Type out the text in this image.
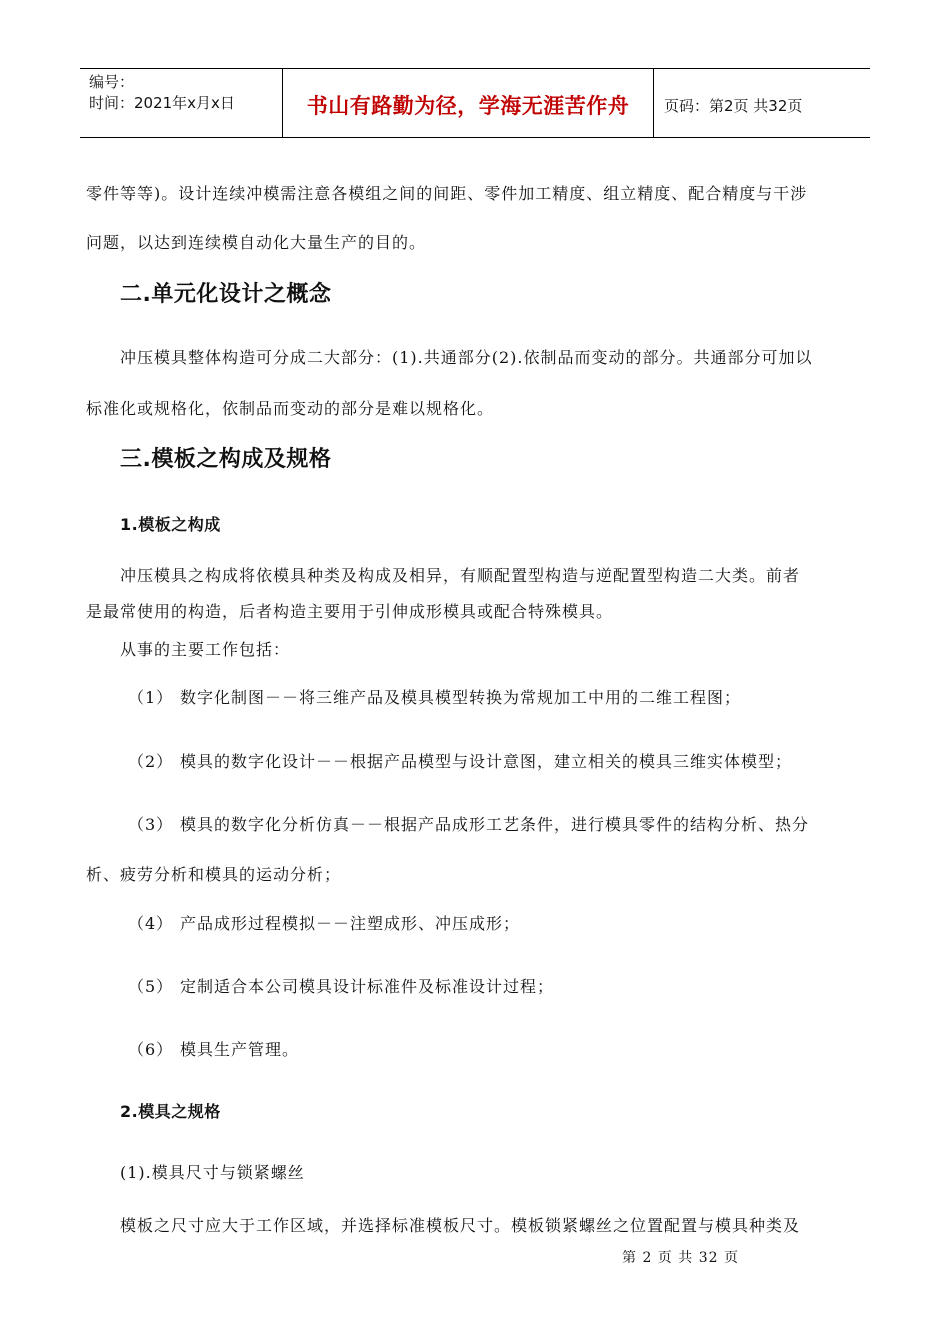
编号：
时间：2021年x月x日	书山有路勤为径，学海无涯苦作舟	页码：第2页 共32页
零件等等)。设计连续冲模需注意各模组之间的间距、零件加工精度、组立精度、配合精度与干涉
问题，以达到连续模自动化大量生产的目的。
二.单元化设计之概念
冲压模具整体构造可分成二大部分：(1).共通部分(2).依制品而变动的部分。共通部分可加以
标准化或规格化，依制品而变动的部分是难以规格化。
三.模板之构成及规格
1.模板之构成
冲压模具之构成将依模具种类及构成及相异，有顺配置型构造与逆配置型构造二大类。前者
是最常使用的构造，后者构造主要用于引伸成形模具或配合特殊模具。
从事的主要工作包括：
（1） 数字化制图－－将三维产品及模具模型转换为常规加工中用的二维工程图；
（2） 模具的数字化设计－－根据产品模型与设计意图，建立相关的模具三维实体模型；
（3） 模具的数字化分析仿真－－根据产品成形工艺条件，进行模具零件的结构分析、热分
析、疲劳分析和模具的运动分析；
（4） 产品成形过程模拟－－注塑成形、冲压成形；
（5） 定制适合本公司模具设计标准件及标准设计过程；
（6） 模具生产管理。
2.模具之规格
(1).模具尺寸与锁紧螺丝
模板之尺寸应大于工作区域，并选择标准模板尺寸。模板锁紧螺丝之位置配置与模具种类及
第 2 页 共 32 页
